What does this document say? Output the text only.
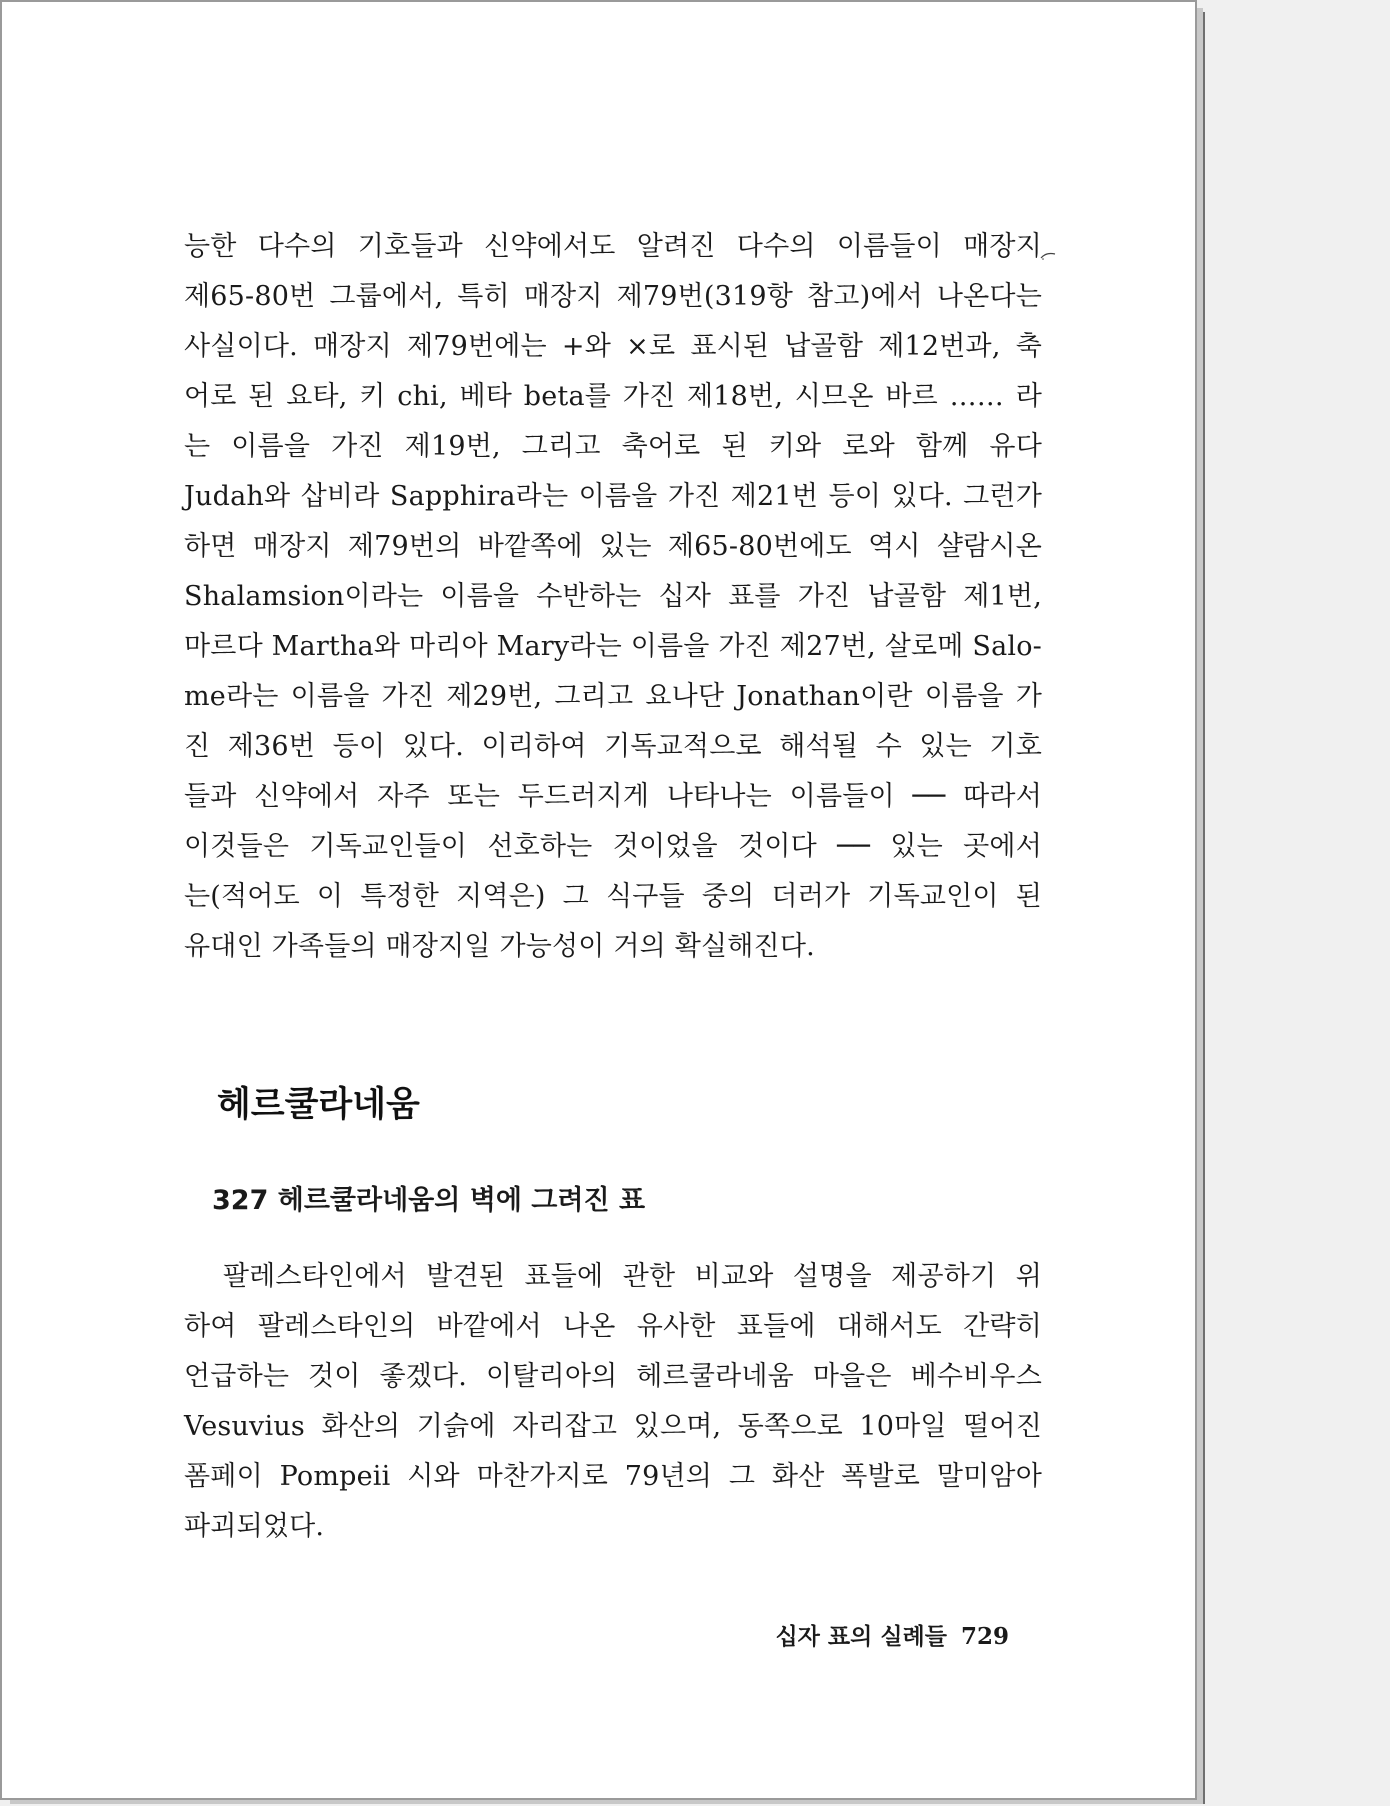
능한 다수의 기호들과 신약에서도 알려진 다수의 이름들이 매장지
제65-80번 그룹에서, 특히 매장지 제79번(319항 참고)에서 나온다는
사실이다. 매장지 제79번에는 +와 ×로 표시된 납골함 제12번과, 축
어로 된 요타, 키 chi, 베타 beta를 가진 제18번, 시므온 바르 …… 라
는 이름을 가진 제19번, 그리고 축어로 된 키와 로와 함께 유다
Judah와 삽비라 Sapphira라는 이름을 가진 제21번 등이 있다. 그런가
하면 매장지 제79번의 바깥쪽에 있는 제65-80번에도 역시 샬람시온
Shalamsion이라는 이름을 수반하는 십자 표를 가진 납골함 제1번,
마르다 Martha와 마리아 Mary라는 이름을 가진 제27번, 살로메 Salo-
me라는 이름을 가진 제29번, 그리고 요나단 Jonathan이란 이름을 가
진 제36번 등이 있다. 이리하여 기독교적으로 해석될 수 있는 기호
들과 신약에서 자주 또는 두드러지게 나타나는 이름들이 ── 따라서
이것들은 기독교인들이 선호하는 것이었을 것이다 ── 있는 곳에서
는(적어도 이 특정한 지역은) 그 식구들 중의 더러가 기독교인이 된
유대인 가족들의 매장지일 가능성이 거의 확실해진다.
헤르쿨라네움
327 헤르쿨라네움의 벽에 그려진 표
팔레스타인에서 발견된 표들에 관한 비교와 설명을 제공하기 위
하여 팔레스타인의 바깥에서 나온 유사한 표들에 대해서도 간략히
언급하는 것이 좋겠다. 이탈리아의 헤르쿨라네움 마을은 베수비우스
Vesuvius 화산의 기슭에 자리잡고 있으며, 동쪽으로 10마일 떨어진
폼페이 Pompeii 시와 마찬가지로 79년의 그 화산 폭발로 말미암아
파괴되었다.
십자 표의 실례들 729
